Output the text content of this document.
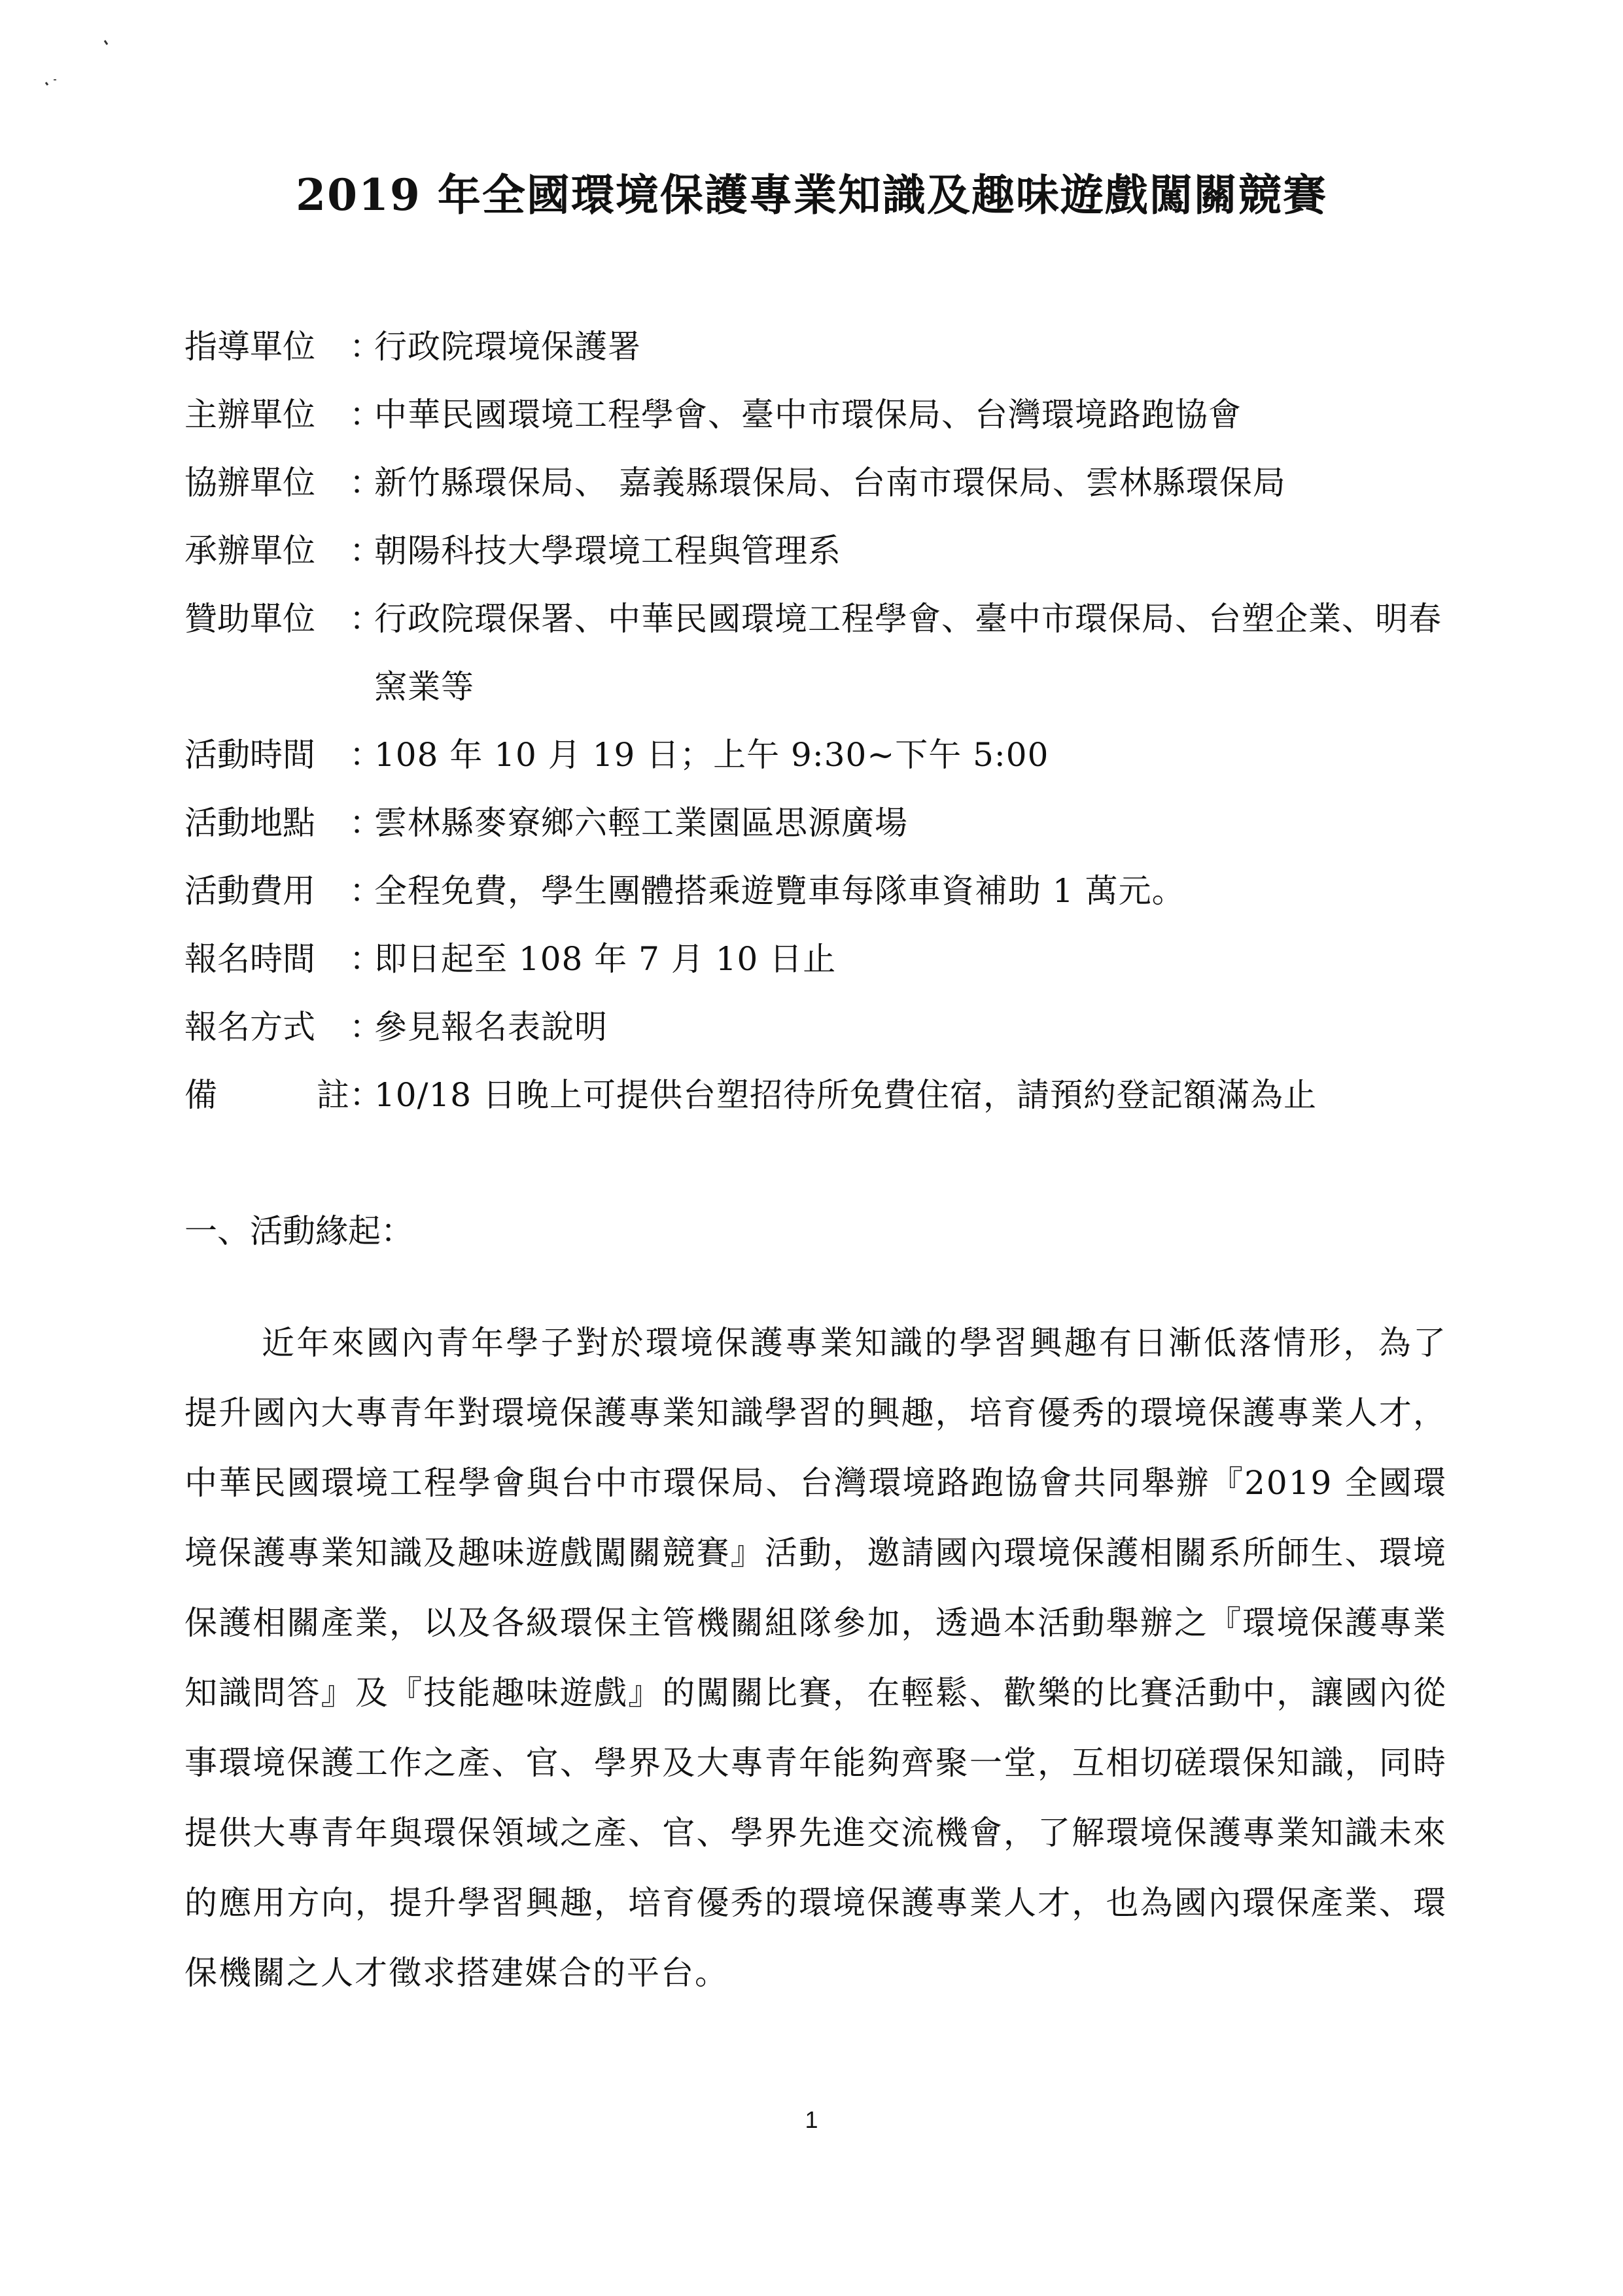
2019 年全國環境保護專業知識及趣味遊戲闖關競賽
指導單位 ：
行政院環境保護署
主辦單位 ：
中華民國環境工程學會、臺中市環保局、台灣環境路跑協會
協辦單位 ：
新竹縣環保局、 嘉義縣環保局、台南市環保局、雲林縣環保局
承辦單位 ：
朝陽科技大學環境工程與管理系
贊助單位 ：
行政院環保署、中華民國環境工程學會、臺中市環保局、台塑企業、明春窯業等
活動時間 ：
108 年 10 月 19 日；上午 9:30~下午 5:00
活動地點 ：
雲林縣麥寮鄉六輕工業園區思源廣場
活動費用 ：
全程免費，學生團體搭乘遊覽車每隊車資補助 1 萬元。
報名時間 ：
即日起至 108 年 7 月 10 日止
報名方式 ：
參見報名表說明
備	註 ：
10/18 日晚上可提供台塑招待所免費住宿，請預約登記額滿為止
一、活動緣起：
近年來國內青年學子對於環境保護專業知識的學習興趣有日漸低落情形，為了提升國內大專青年對環境保護專業知識學習的興趣，培育優秀的環境保護專業人才，中華民國環境工程學會與台中市環保局、台灣環境路跑協會共同舉辦『2019 全國環境保護專業知識及趣味遊戲闖關競賽』活動，邀請國內環境保護相關系所師生、環境保護相關產業，以及各級環保主管機關組隊參加，透過本活動舉辦之『環境保護專業知識問答』及『技能趣味遊戲』的闖關比賽，在輕鬆、歡樂的比賽活動中，讓國內從事環境保護工作之產、官、學界及大專青年能夠齊聚一堂，互相切磋環保知識，同時提供大專青年與環保領域之產、官、學界先進交流機會，了解環境保護專業知識未來的應用方向，提升學習興趣，培育優秀的環境保護專業人才，也為國內環保產業、環保機關之人才徵求搭建媒合的平台。
1
